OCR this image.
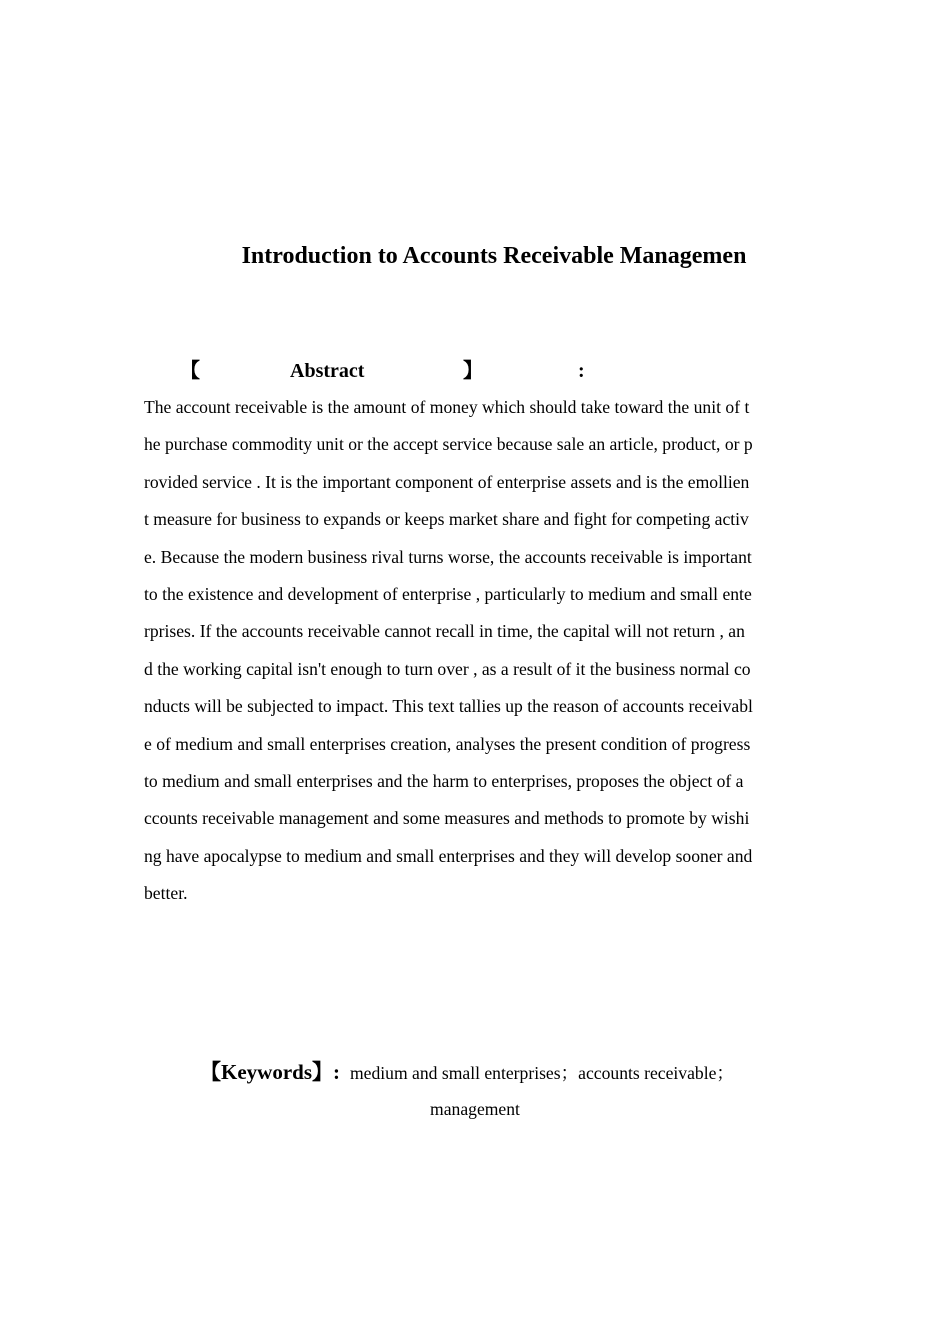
Introduction to Accounts Receivable Managemen
【	Abstract	】	:
The account receivable is the amount of money which should take toward the unit of t
he purchase commodity unit or the accept service because sale an article, product, or p
rovided service . It is the important component of enterprise assets and is the emollien
t measure for business to expands or keeps market share and fight for competing activ
e. Because the modern business rival turns worse, the accounts receivable is important
to the existence and development of enterprise , particularly to medium and small ente
rprises. If the accounts receivable cannot recall in time, the capital will not return , an
d the working capital isn't enough to turn over , as a result of it the business normal co
nducts will be subjected to impact. This text tallies up the reason of accounts receivabl
e of medium and small enterprises creation, analyses the present condition of progress
to medium and small enterprises and the harm to enterprises, proposes the object of a
ccounts receivable management and some measures and methods to promote by wishi
ng have apocalypse to medium and small enterprises and they will develop sooner and
better.
【Keywords】: medium and small enterprises；accounts receivable；
management
